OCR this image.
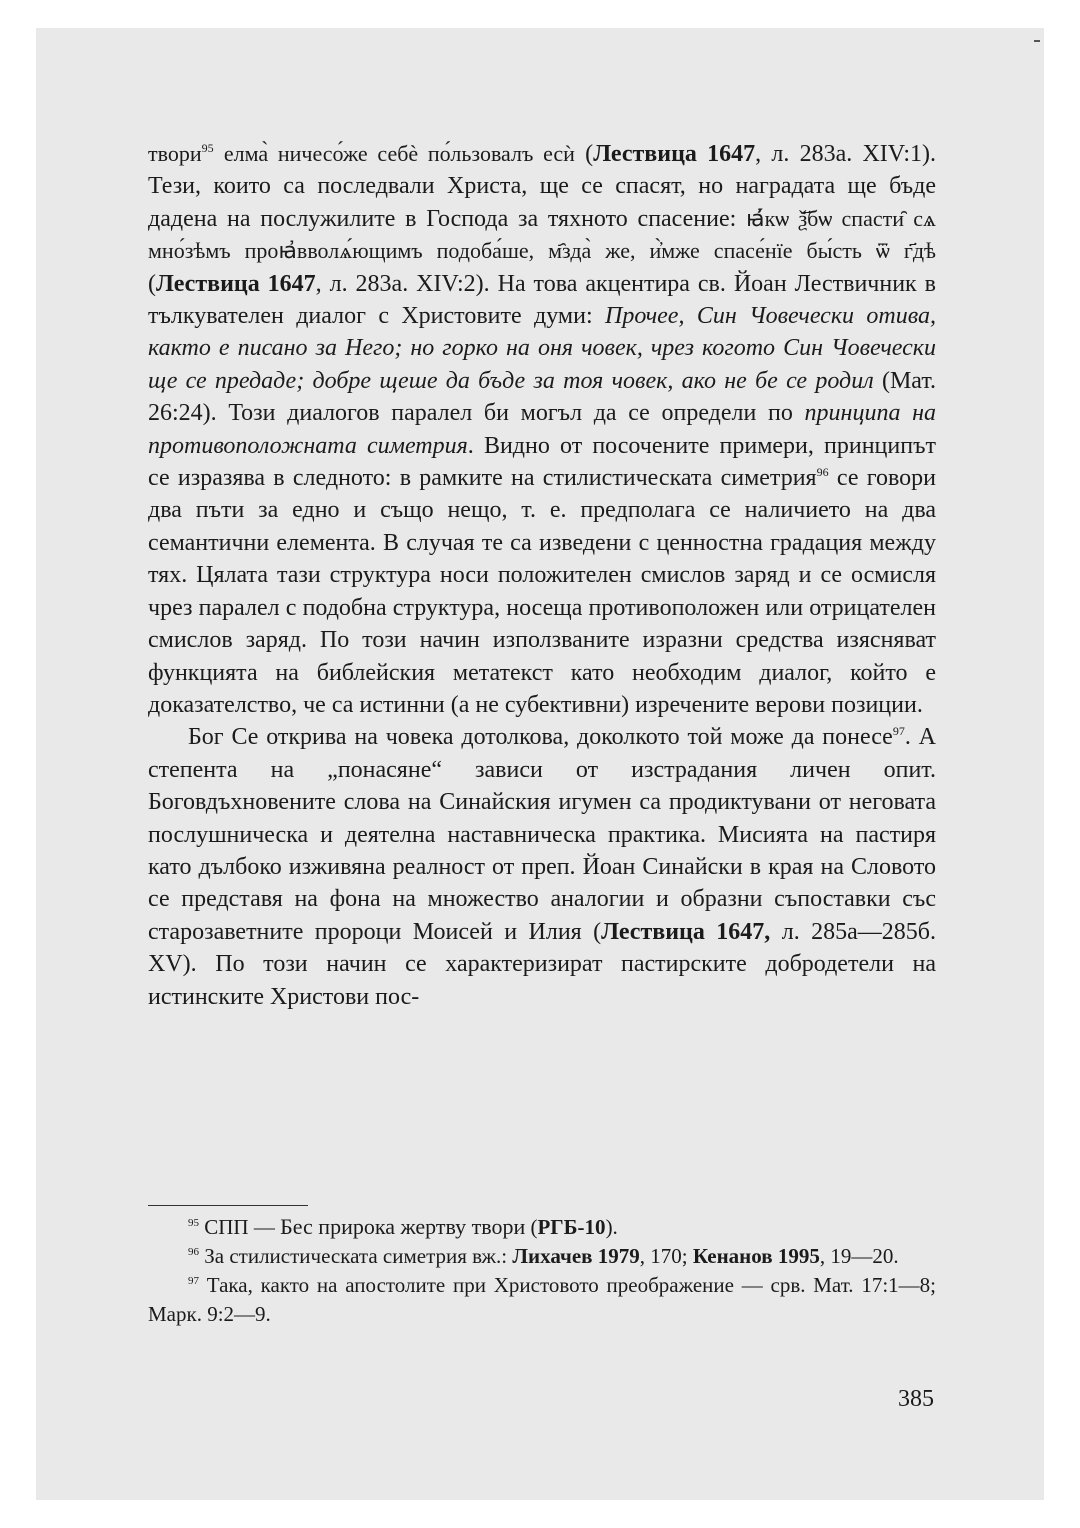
твори$^{95}$ елма̀ ничесо́же себѐ по́льзовалъ есѝ (Лествица 1647, л. 283а. XIV:1). Тези, които са последвали Христа, ще се спасят, но наградата ще бъде дадена на послужилите в Господа за тяхното спасение: ꙗ҆́кѡ ѯ҃бѡ спасти̑ сѧ мно́зѣмъ проꙗ҆вволѧ́ющимъ подоба́ше, м҄зда̀ же, и҆̀мже спасе́нїе бы́сть ѿ г҃дѣ (Лествица 1647, л. 283а. XIV:2). На това акцентира св. Йоан Лествичник в тълкувателен диалог с Христовите думи: Прочее, Син Човечески отива, както е писано за Него; но горко на оня човек, чрез когото Син Човечески ще се предаде; добре щеше да бъде за тоя човек, ако не бе се родил (Мат. 26:24). Този диалогов паралел би могъл да се определи по принципа на противоположната симетрия. Видно от посочените примери, принципът се изразява в следното: в рамките на стилистическата симетрия$^{96}$ се говори два пъти за едно и също нещо, т. е. предполага се наличието на два семантични елемента. В случая те са изведени с ценностна градация между тях. Цялата тази структура носи положителен смислов заряд и се осмисля чрез паралел с подобна структура, носеща противоположен или отрицателен смислов заряд. По този начин използваните изразни средства изясняват функцията на библейския метатекст като необходим диалог, който е доказателство, че са истинни (а не субективни) изречените верови позиции.

Бог Се открива на човека дотолкова, доколкото той може да понесе$^{97}$. А степента на „понасяне“ зависи от изстрадания личен опит. Боговдъхновените слова на Синайския игумен са продиктувани от неговата послушническа и деятелна наставническа практика. Мисията на пастиря като дълбоко изживяна реалност от преп. Йоан Синайски в края на Словото се представя на фона на множество аналогии и образни съпоставки със старозаветните пророци Моисей и Илия (Лествица 1647, л. 285а—285б. XV). По този начин се характеризират пастирските добродетели на истинските Христови пос-

$^{95}$ СПП — Бес прирока жертву твори (РГБ-10).

$^{96}$ За стилистическата симетрия вж.: Лихачев 1979, 170; Кенанов 1995, 19—20.

$^{97}$ Така, както на апостолите при Христовото преображение — срв. Мат. 17:1—8; Марк. 9:2—9.

385
